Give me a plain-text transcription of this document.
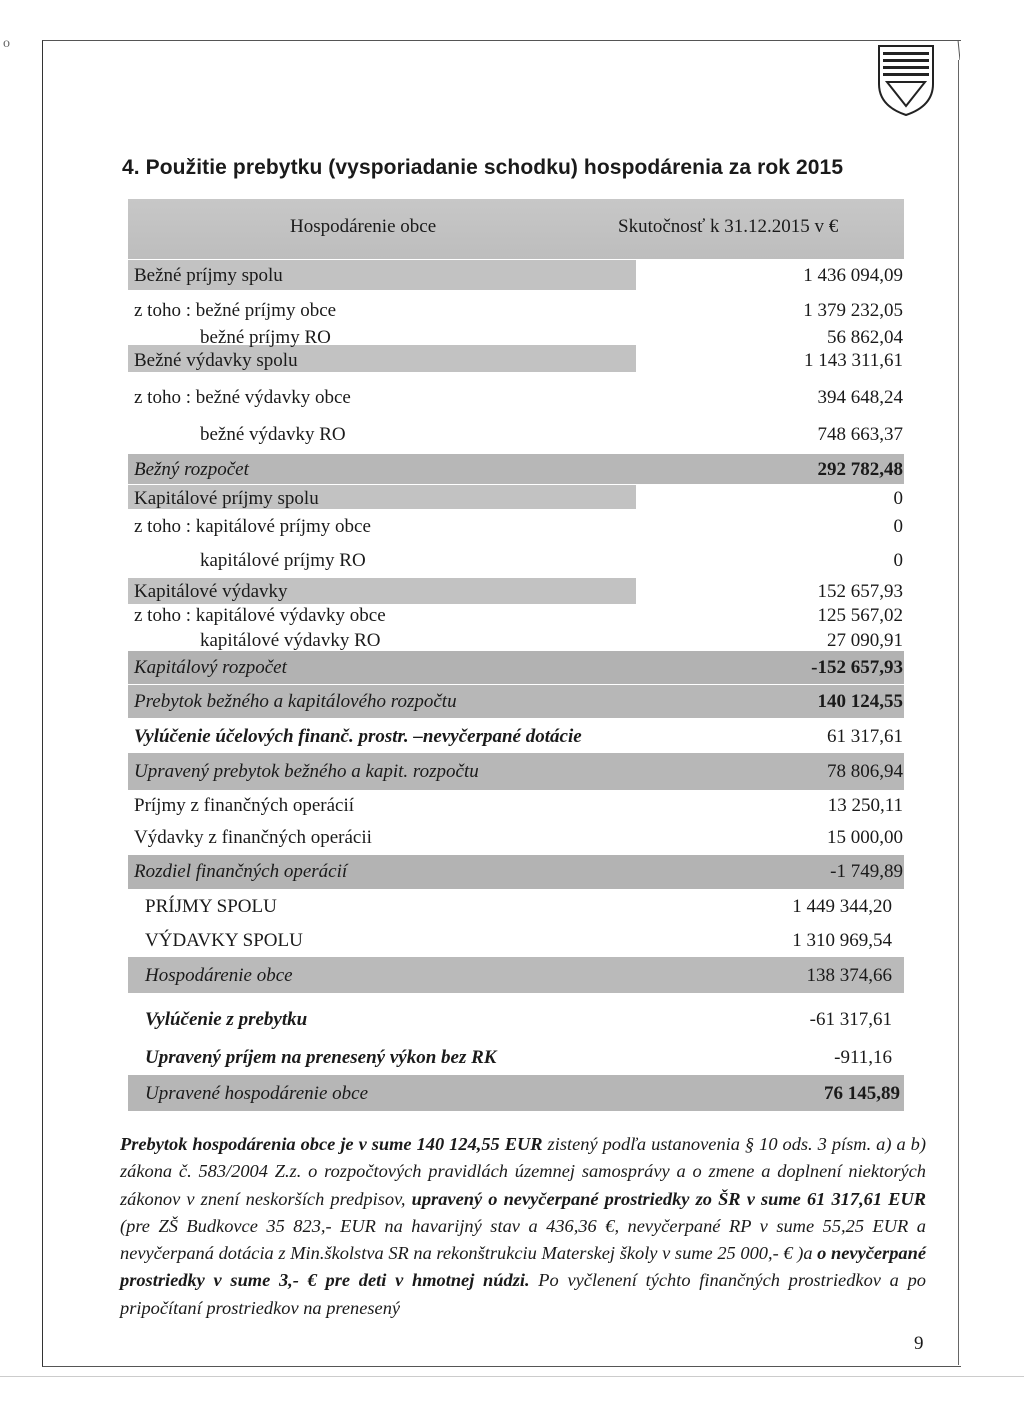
o
4. Použitie prebytku (vysporiadanie schodku) hospodárenia za rok 2015
Hospodárenie obce	Skutočnosť k 31.12.2015 v €
Bežné príjmy spolu	1 436 094,09
z toho : bežné príjmy obce	1 379 232,05
bežné príjmy RO	56 862,04
Bežné výdavky spolu	1 143 311,61
z toho : bežné výdavky obce	394 648,24
bežné výdavky RO	748 663,37
Bežný rozpočet	292 782,48
Kapitálové príjmy spolu	0
z toho : kapitálové príjmy obce	0
kapitálové príjmy RO	0
Kapitálové výdavky	152 657,93
z toho : kapitálové výdavky obce	125 567,02
kapitálové výdavky RO	27 090,91
Kapitálový rozpočet	-152 657,93
Prebytok bežného a kapitálového rozpočtu	140 124,55
Vylúčenie účelových finanč. prostr. –nevyčerpané dotácie	61 317,61
Upravený prebytok bežného a kapit. rozpočtu	78 806,94
Príjmy z finančných operácií	13 250,11
Výdavky z finančných operácii	15 000,00
Rozdiel finančných operácií	-1 749,89
PRÍJMY SPOLU	1 449 344,20
VÝDAVKY SPOLU	1 310 969,54
Hospodárenie obce	138 374,66
Vylúčenie z prebytku	-61 317,61
Upravený príjem na prenesený výkon bez RK	-911,16
Upravené hospodárenie obce	76 145,89
Prebytok hospodárenia obce je v sume 140 124,55 EUR zistený podľa ustanovenia § 10 ods. 3 písm. a) a b) zákona č. 583/2004 Z.z. o rozpočtových pravidlách územnej samosprávy a o zmene a doplnení niektorých zákonov v znení neskorších predpisov, upravený o nevyčerpané prostriedky zo ŠR v sume 61 317,61 EUR (pre ZŠ Budkovce 35 823,- EUR na havarijný stav a 436,36 €, nevyčerpané RP v sume 55,25 EUR a nevyčerpaná dotácia z Min.školstva SR na rekonštrukciu Materskej školy v sume 25 000,- € )a o nevyčerpané prostriedky v sume 3,- € pre deti v hmotnej núdzi. Po vyčlenení týchto finančných prostriedkov a po pripočítaní prostriedkov na prenesený
9
